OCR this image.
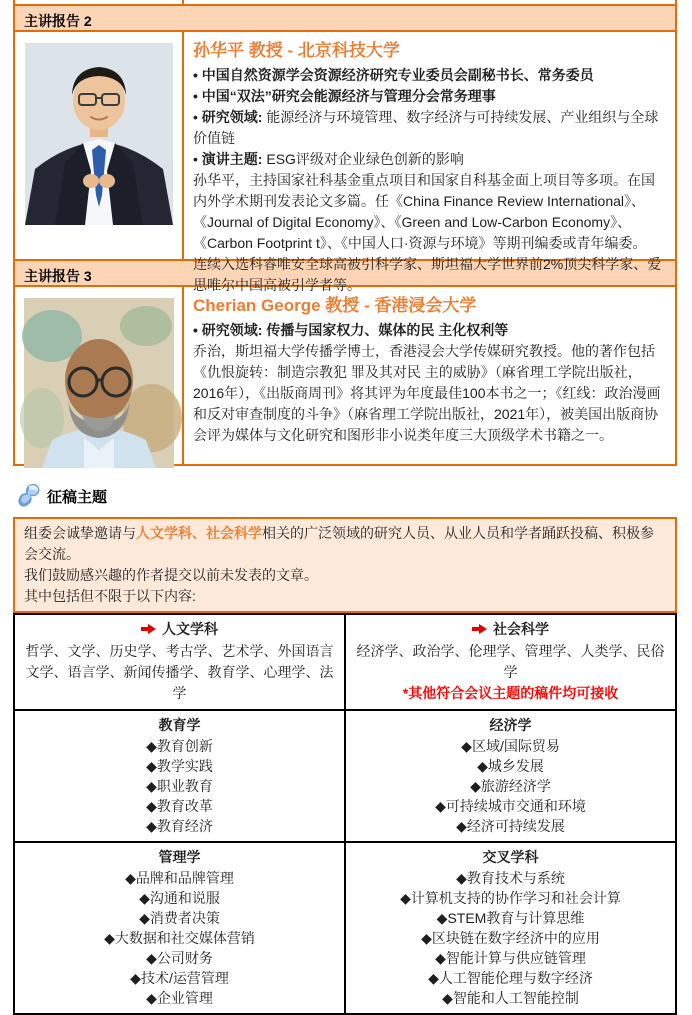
主讲报告 2
孙华平 教授 - 北京科技大学
• 中国自然资源学会资源经济研究专业委员会副秘书长、常务委员
• 中国“双法”研究会能源经济与管理分会常务理事
• 研究领域: 能源经济与环境管理、数字经济与可持续发展、产业组织与全球价值链
• 演讲主题: ESG评级对企业绿色创新的影响
孙华平，主持国家社科基金重点项目和国家自科基金面上项目等多项。在国内外学术期刊发表论文多篇。任《China Finance Review International》、《Journal of Digital Economy》、《Green and Low-Carbon Economy》、《Carbon Footprint t》、《中国人口·资源与环境》等期刊编委或青年编委。
连续入选科睿唯安全球高被引科学家、斯坦福大学世界前2%顶尖科学家、爱思唯尔中国高被引学者等。
主讲报告 3
Cherian George 教授 - 香港浸会大学
• 研究领域: 传播与国家权力、媒体的民 主化权利等
乔治，斯坦福大学传播学博士，香港浸会大学传媒研究教授。他的著作包括《仇恨旋转：制造宗教犯 罪及其对民 主的威胁》（麻省理工学院出版社，2016年），《出版商周刊》将其评为年度最佳100本书之一；《红线：政治漫画和反对审查制度的斗争》（麻省理工学院出版社，2021年），被美国出版商协会评为媒体与文化研究和图形非小说类年度三大顶级学术书籍之一。
征稿主题
组委会诚挚邀请与人文学科、社会科学相关的广泛领域的研究人员、从业人员和学者踊跃投稿、积极参会交流。
我们鼓励感兴趣的作者提交以前未发表的文章。
其中包括但不限于以下内容:
人文学科
哲学、文学、历史学、考古学、艺术学、外国语言文学、语言学、新闻传播学、教育学、心理学、法学

社会科学
经济学、政治学、伦理学、管理学、人类学、民俗学
*其他符合会议主题的稿件均可接收

教育学
◆教育创新
◆教学实践
◆职业教育
◆教育改革
◆教育经济

经济学
◆区域/国际贸易
◆城乡发展
◆旅游经济学
◆可持续城市交通和环境
◆经济可持续发展

管理学
◆品牌和品牌管理
◆沟通和说服
◆消费者决策
◆大数据和社交媒体营销
◆公司财务
◆技术/运营管理
◆企业管理

交叉学科
◆教育技术与系统
◆计算机支持的协作学习和社会计算
◆STEM教育与计算思维
◆区块链在数字经济中的应用
◆智能计算与供应链管理
◆人工智能伦理与数字经济
◆智能和人工智能控制
